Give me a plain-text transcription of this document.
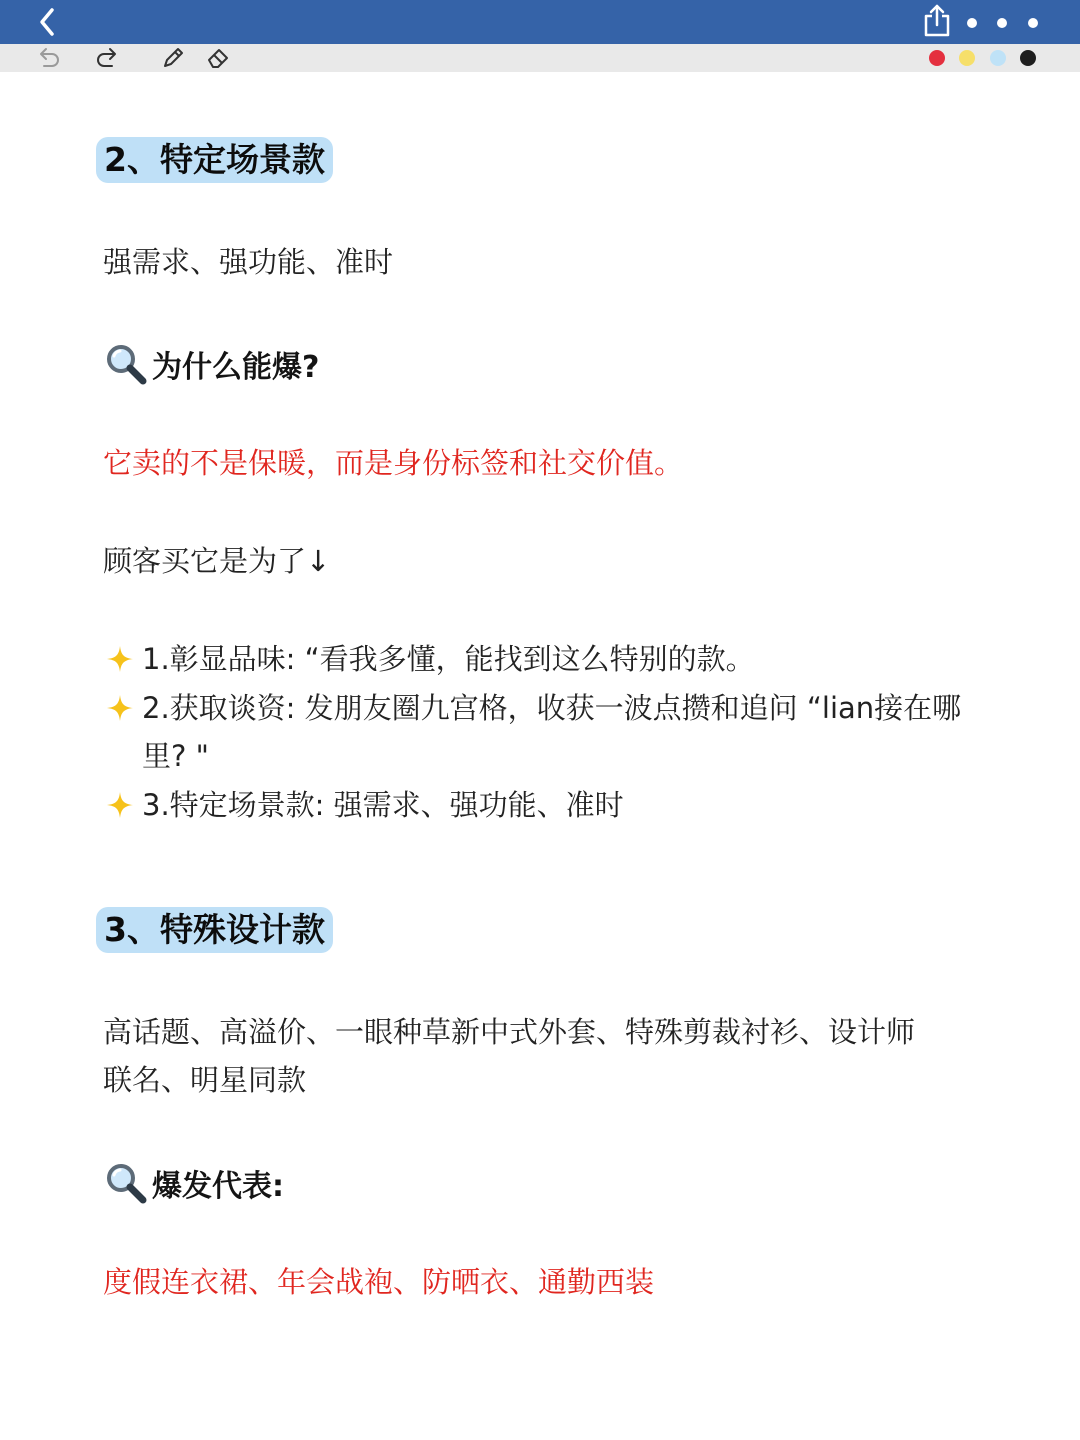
2、特定场景款
强需求、强功能、准时
为什么能爆?
它卖的不是保暖，而是身份标签和社交价值。
顾客买它是为了↓
1.彰显品味: “看我多懂，能找到这么特别的款。
2.获取谈资: 发朋友圈九宫格，收获一波点攒和追问 “lian接在哪里? "
3.特定场景款: 强需求、强功能、准时
3、特殊设计款
高话题、高溢价、一眼种草新中式外套、特殊剪裁衬衫、设计师
联名、明星同款
爆发代表:
度假连衣裙、年会战袍、防晒衣、通勤西装
